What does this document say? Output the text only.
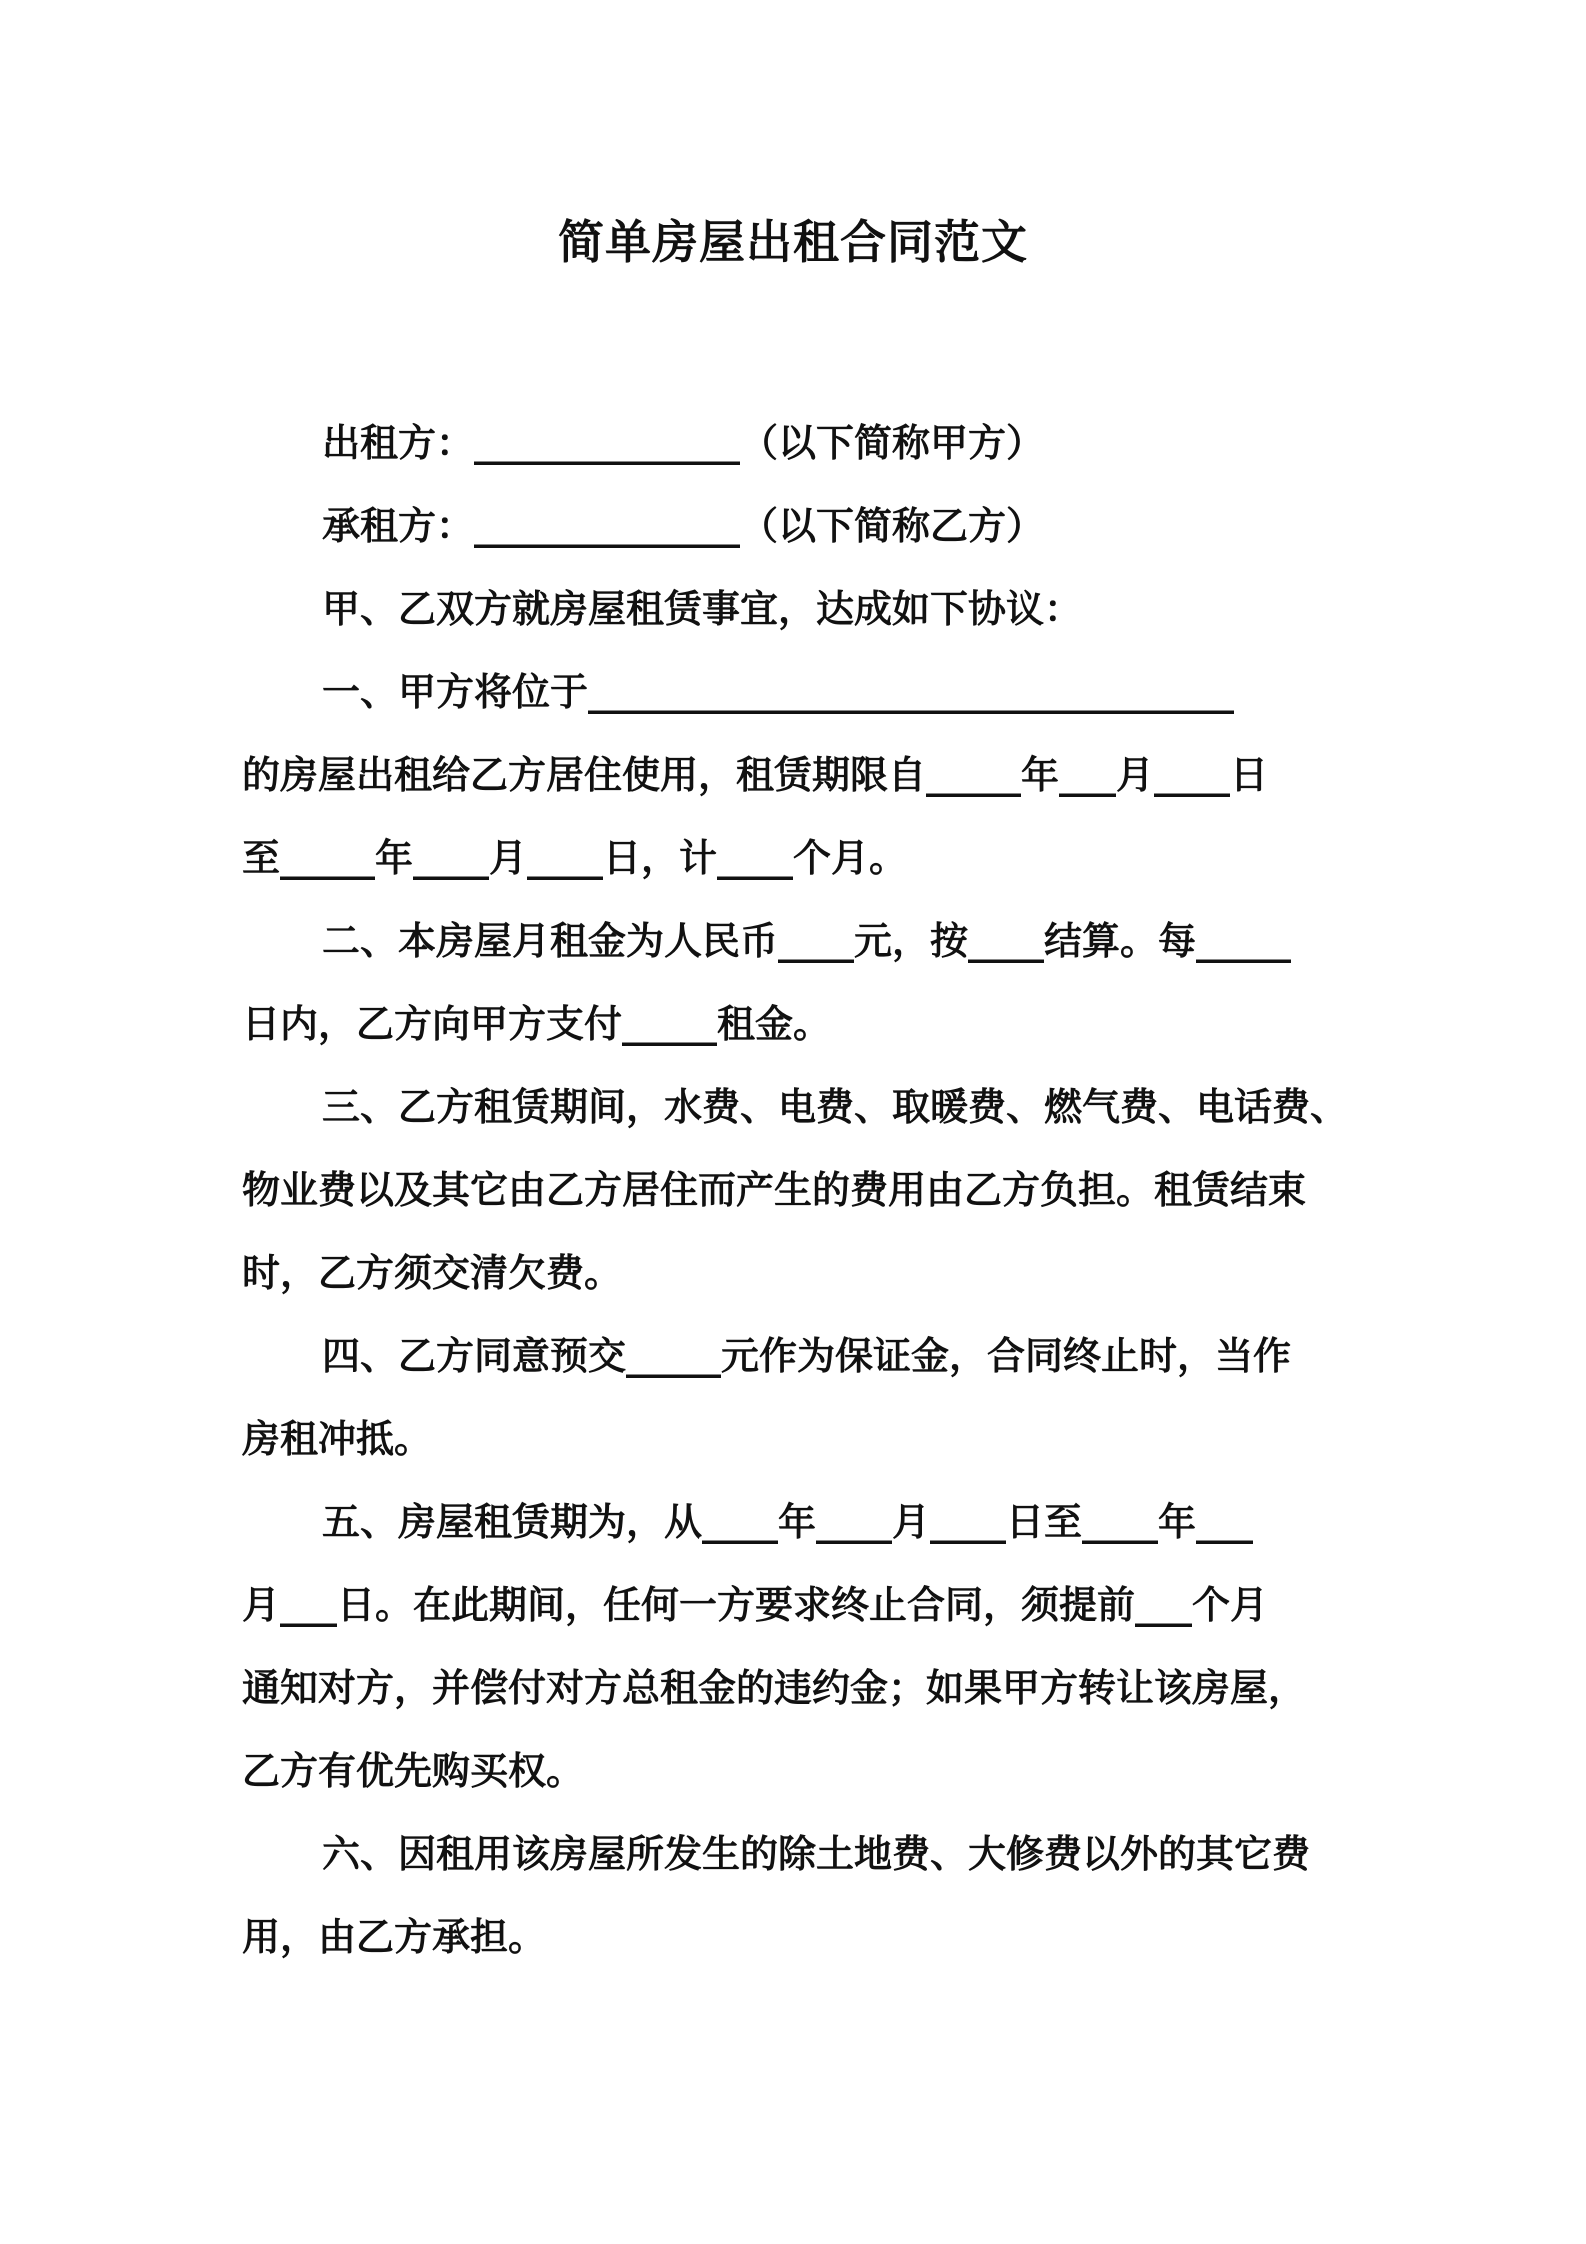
简单房屋出租合同范文
出租方：______________（以下简称甲方）
承租方：______________（以下简称乙方）
甲、乙双方就房屋租赁事宜，达成如下协议：
一、甲方将位于__________________________________
的房屋出租给乙方居住使用，租赁期限自_____年___月____日
至_____年____月____日，计____个月。
二、本房屋月租金为人民币____元，按____结算。每_____
日内，乙方向甲方支付_____租金。
三、乙方租赁期间，水费、电费、取暖费、燃气费、电话费、
物业费以及其它由乙方居住而产生的费用由乙方负担。租赁结束
时，乙方须交清欠费。
四、乙方同意预交_____元作为保证金，合同终止时，当作
房租冲抵。
五、房屋租赁期为，从____年____月____日至____年___
月___日。在此期间，任何一方要求终止合同，须提前___个月
通知对方，并偿付对方总租金的违约金；如果甲方转让该房屋，
乙方有优先购买权。
六、因租用该房屋所发生的除土地费、大修费以外的其它费
用，由乙方承担。
